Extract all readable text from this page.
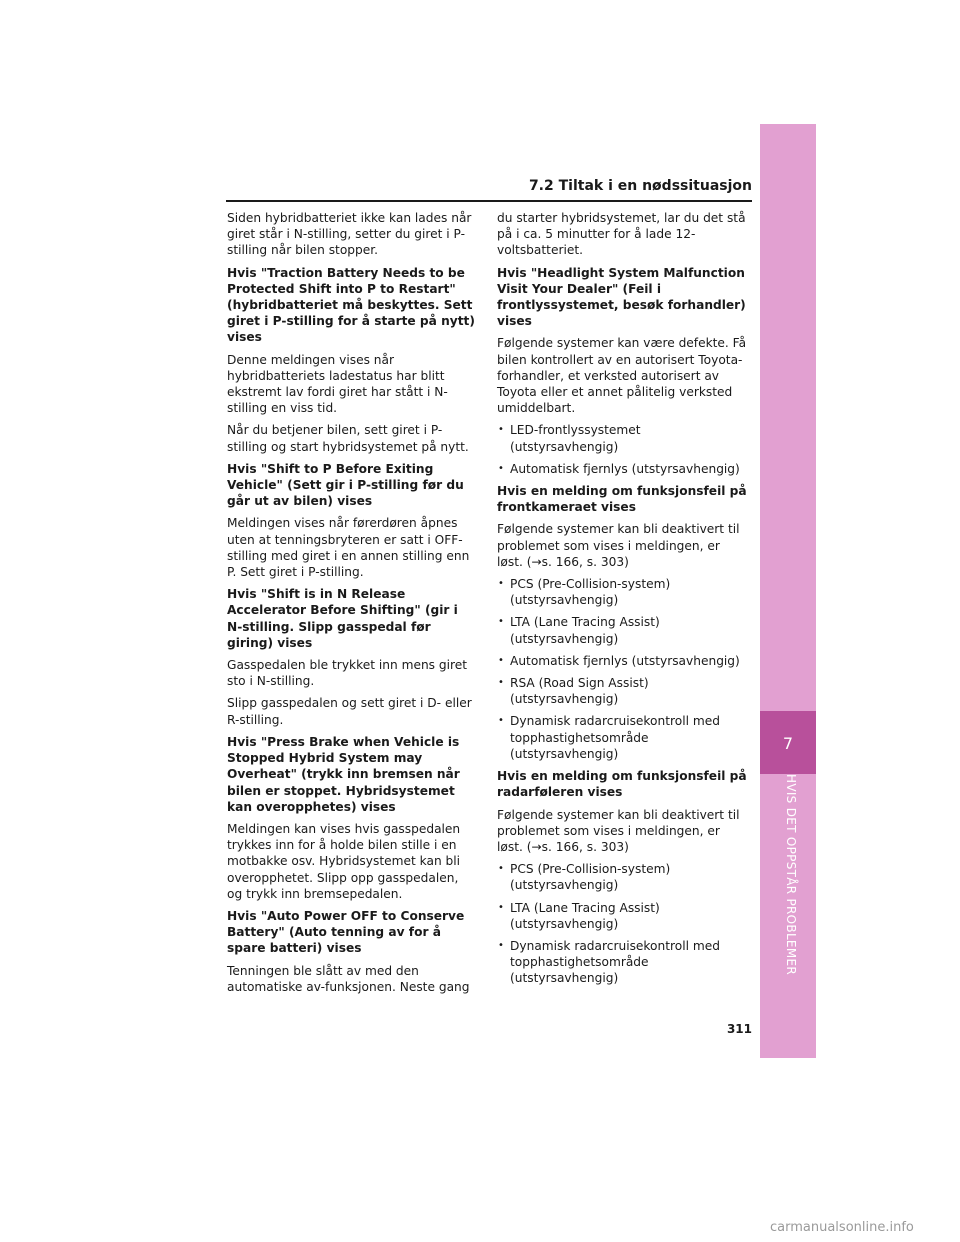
7.2 Tiltak i en nødssituasjon

Siden hybridbatteriet ikke kan lades når giret står i N-stilling, setter du giret i P-stilling når bilen stopper.

Hvis "Traction Battery Needs to be Protected Shift into P to Restart" (hybridbatteriet må beskyttes. Sett giret i P-stilling for å starte på nytt) vises

Denne meldingen vises når hybridbatteriets ladestatus har blitt ekstremt lav fordi giret har stått i N-stilling en viss tid.

Når du betjener bilen, sett giret i P-stilling og start hybridsystemet på nytt.

Hvis "Shift to P Before Exiting Vehicle" (Sett gir i P-stilling før du går ut av bilen) vises

Meldingen vises når førerdøren åpnes uten at tenningsbryteren er satt i OFF-stilling med giret i en annen stilling enn P. Sett giret i P-stilling.

Hvis "Shift is in N Release Accelerator Before Shifting" (gir i N-stilling. Slipp gasspedal før giring) vises

Gasspedalen ble trykket inn mens giret sto i N-stilling.

Slipp gasspedalen og sett giret i D- eller R-stilling.

Hvis "Press Brake when Vehicle is Stopped Hybrid System may Overheat" (trykk inn bremsen når bilen er stoppet. Hybridsystemet kan overopphetes) vises

Meldingen kan vises hvis gasspedalen trykkes inn for å holde bilen stille i en motbakke osv. Hybridsystemet kan bli overopphetet. Slipp opp gasspedalen, og trykk inn bremsepedalen.

Hvis "Auto Power OFF to Conserve Battery" (Auto tenning av for å spare batteri) vises

Tenningen ble slått av med den automatiske av-funksjonen. Neste gang

du starter hybridsystemet, lar du det stå på i ca. 5 minutter for å lade 12-voltsbatteriet.

Hvis "Headlight System Malfunction Visit Your Dealer" (Feil i frontlyssystemet, besøk forhandler) vises

Følgende systemer kan være defekte. Få bilen kontrollert av en autorisert Toyota-forhandler, et verksted autorisert av Toyota eller et annet pålitelig verksted umiddelbart.

• LED-frontlyssystemet (utstyrsavhengig)

• Automatisk fjernlys (utstyrsavhengig)

Hvis en melding om funksjonsfeil på frontkameraet vises

Følgende systemer kan bli deaktivert til problemet som vises i meldingen, er løst. (→s. 166, s. 303)

• PCS (Pre-Collision-system) (utstyrsavhengig)

• LTA (Lane Tracing Assist) (utstyrsavhengig)

• Automatisk fjernlys (utstyrsavhengig)

• RSA (Road Sign Assist) (utstyrsavhengig)

• Dynamisk radarcruisekontroll med topphastighetsområde (utstyrsavhengig)

Hvis en melding om funksjonsfeil på radarføleren vises

Følgende systemer kan bli deaktivert til problemet som vises i meldingen, er løst. (→s. 166, s. 303)

• PCS (Pre-Collision-system) (utstyrsavhengig)

• LTA (Lane Tracing Assist) (utstyrsavhengig)

• Dynamisk radarcruisekontroll med topphastighetsområde (utstyrsavhengig)

7
HVIS DET OPPSTÅR PROBLEMER
311
carmanualsonline.info
